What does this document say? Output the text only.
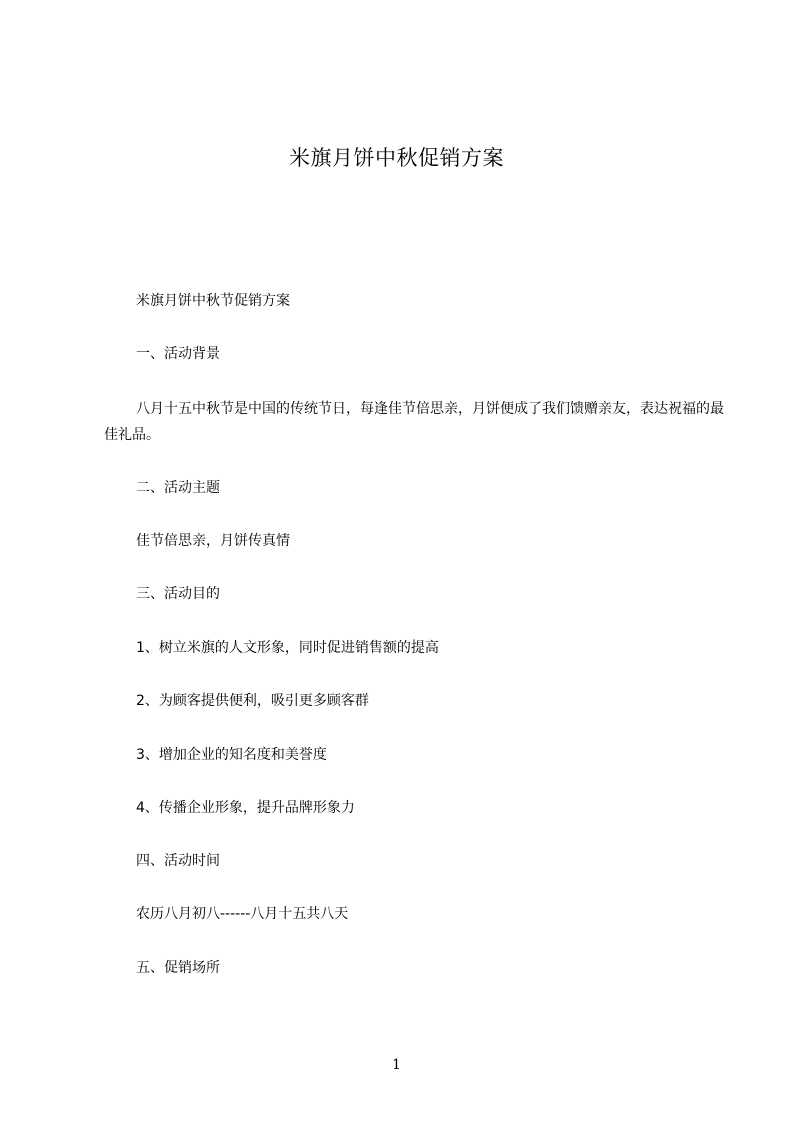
米旗月饼中秋促销方案
米旗月饼中秋节促销方案
一、活动背景
八月十五中秋节是中国的传统节日，每逢佳节倍思亲，月饼便成了我们馈赠亲友，表达祝福的最佳礼品。
二、活动主题
佳节倍思亲，月饼传真情
三、活动目的
1、树立米旗的人文形象，同时促进销售额的提高
2、为顾客提供便利，吸引更多顾客群
3、增加企业的知名度和美誉度
4、传播企业形象，提升品牌形象力
四、活动时间
农历八月初八------八月十五共八天
五、促销场所
1
